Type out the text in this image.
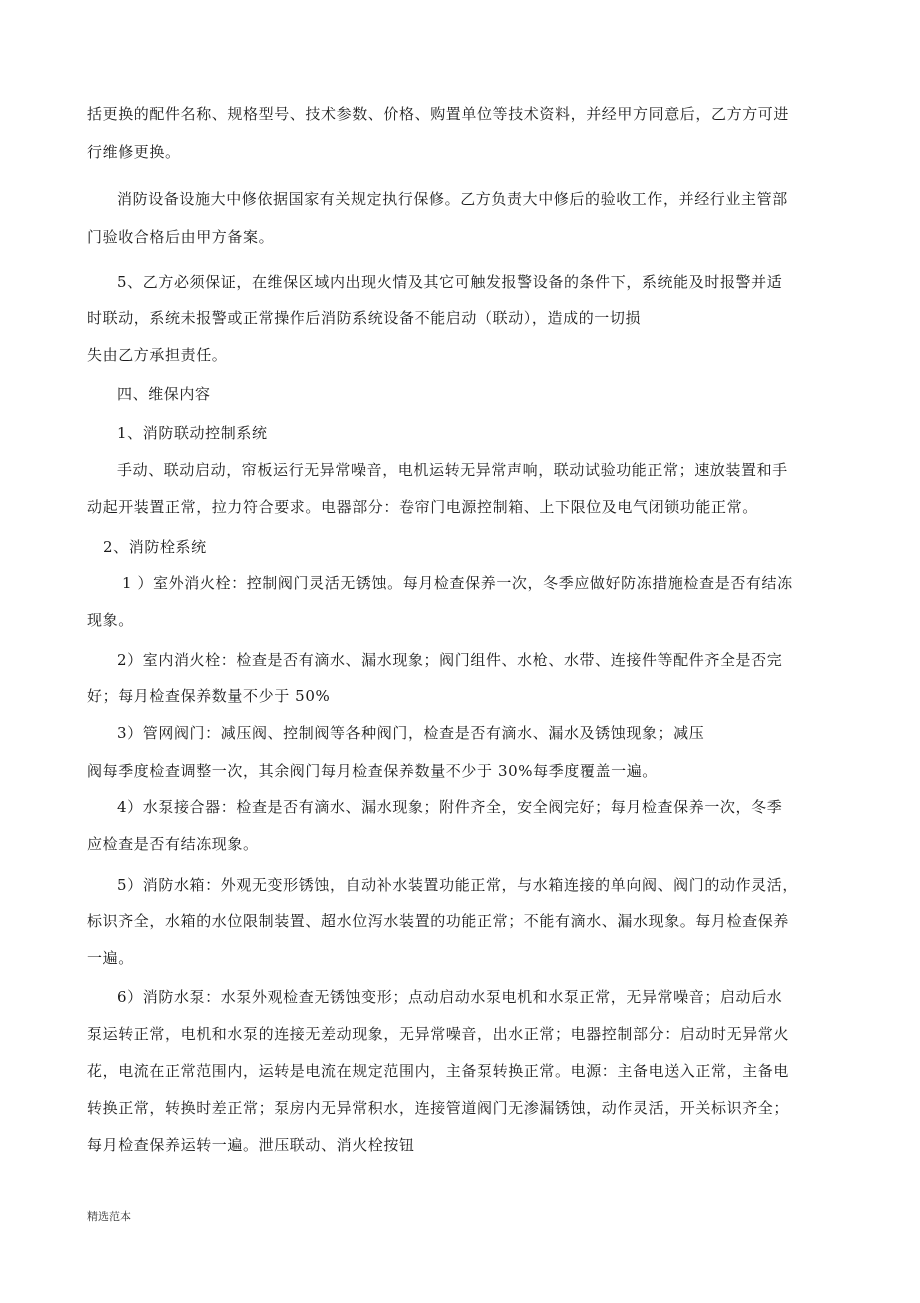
括更换的配件名称、规格型号、技术参数、价格、购置单位等技术资料，并经甲方同意后，乙方方可进
行维修更换。
消防设备设施大中修依据国家有关规定执行保修。乙方负责大中修后的验收工作，并经行业主管部
门验收合格后由甲方备案。
5、乙方必须保证，在维保区域内出现火情及其它可触发报警设备的条件下，系统能及时报警并适
时联动，系统未报警或正常操作后消防系统设备不能启动（联动），造成的一切损
失由乙方承担责任。
四、维保内容
1、消防联动控制系统
手动、联动启动，帘板运行无异常噪音，电机运转无异常声响，联动试验功能正常；速放装置和手
动起开装置正常，拉力符合要求。电器部分：卷帘门电源控制箱、上下限位及电气闭锁功能正常。
2、消防栓系统
1 ）室外消火栓：控制阀门灵活无锈蚀。每月检查保养一次，冬季应做好防冻措施检查是否有结冻
现象。
2）室内消火栓：检查是否有滴水、漏水现象；阀门组件、水枪、水带、连接件等配件齐全是否完
好；每月检查保养数量不少于 50%
3）管网阀门：减压阀、控制阀等各种阀门，检查是否有滴水、漏水及锈蚀现象；减压
阀每季度检查调整一次，其余阀门每月检查保养数量不少于 30%每季度覆盖一遍。
4）水泵接合器：检查是否有滴水、漏水现象；附件齐全，安全阀完好；每月检查保养一次，冬季
应检查是否有结冻现象。
5）消防水箱：外观无变形锈蚀，自动补水装置功能正常，与水箱连接的单向阀、阀门的动作灵活，
标识齐全，水箱的水位限制装置、超水位泻水装置的功能正常；不能有滴水、漏水现象。每月检查保养
一遍。
6）消防水泵：水泵外观检查无锈蚀变形；点动启动水泵电机和水泵正常，无异常噪音；启动后水
泵运转正常，电机和水泵的连接无差动现象，无异常噪音，出水正常；电器控制部分：启动时无异常火
花，电流在正常范围内，运转是电流在规定范围内，主备泵转换正常。电源：主备电送入正常，主备电
转换正常，转换时差正常；泵房内无异常积水，连接管道阀门无渗漏锈蚀，动作灵活，开关标识齐全；
每月检查保养运转一遍。泄压联动、消火栓按钮
精选范本
